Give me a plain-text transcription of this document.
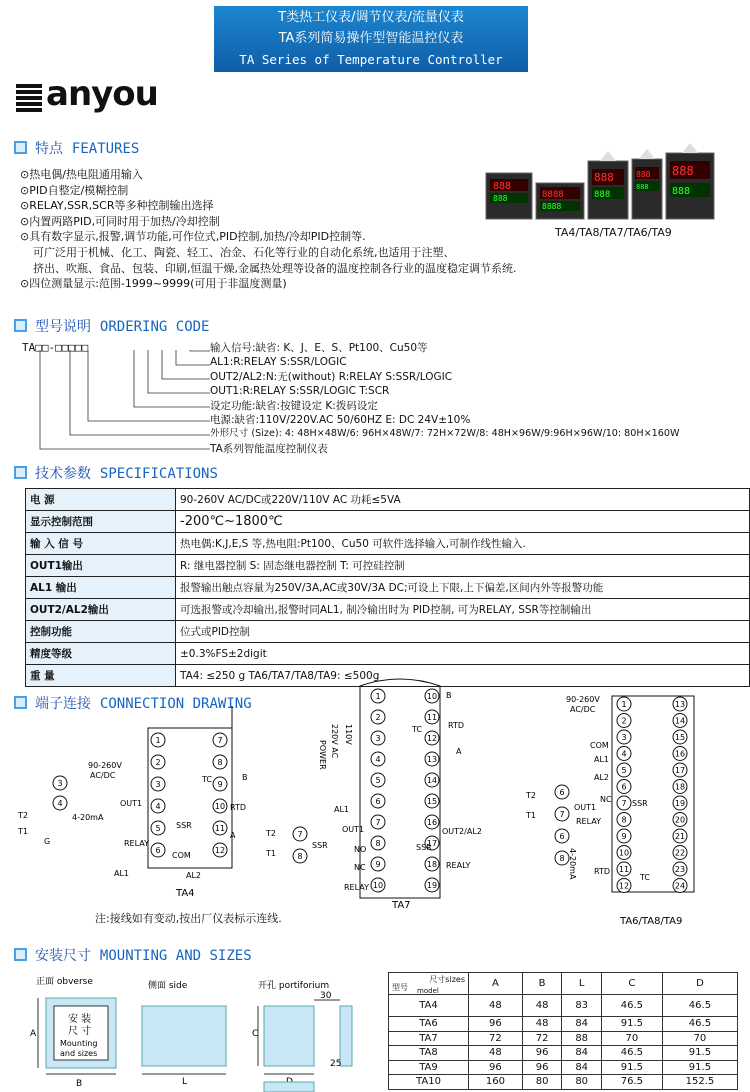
T类热工仪表/调节仪表/流量仪表
TA系列简易操作型智能温控仪表
TA Series of Temperature Controller
anyou
特点 FEATURES
⊙热电偶/热电阻通用输入
⊙PID自整定/模糊控制
⊙RELAY,SSR,SCR等多种控制输出选择
⊙内置两路PID,可同时用于加热/冷却控制
⊙具有数字显示,报警,调节功能,可作位式,PID控制,加热/冷却PID控制等.
可广泛用于机械、化工、陶瓷、轻工、冶金、石化等行业的自动化系统,也适用于注塑、
挤出、吹瓶、食品、包装、印刷,恒温干燥,金属热处理等设备的温度控制各行业的温度稳定调节系统.
⊙四位测量显示:范围-1999~9999(可用于非温度测量)
888
888	8888
8888
888
888
888
888
888
888
TA4/TA8/TA7/TA6/TA9
型号说明 ORDERING CODE
TA□□-□□□□□	输入信号:缺省: K、J、E、S、Pt100、Cu50等
AL1:R:RELAY S:SSR/LOGIC
OUT2/AL2:N:无(without) R:RELAY S:SSR/LOGIC
OUT1:R:RELAY S:SSR/LOGIC T:SCR
设定功能:缺省:按键设定 K:拨码设定
电源:缺省:110V/220V.AC 50/60HZ E: DC 24V±10%
外形尺寸 (Size): 4: 48H×48W/6: 96H×48W/7: 72H×72W/8: 48H×96W/9:96H×96W/10: 80H×160W
TA系列智能温度控制仪表
技术参数 SPECIFICATIONS
电 源	90-260V AC/DC或220V/110V AC 功耗≤5VA
显示控制范围	-200℃~1800℃
输 入 信 号	热电偶:K,J,E,S 等,热电阻:Pt100、Cu50 可软件选择输入,可制作线性输入.
OUT1输出	R: 继电器控制 S: 固态继电器控制 T: 可控硅控制
AL1 输出	报警输出触点容量为250V/3A,AC或30V/3A DC;可设上下限,上下偏差,区间内外等报警功能
OUT2/AL2输出	可选报警或冷却输出,报警时同AL1, 制冷输出时为 PID控制, 可为RELAY, SSR等控制输出
控制功能	位式或PID控制
精度等级	±0.3%FS±2digit
重 量	TA4: ≤250 g TA6/TA7/TA8/TA9: ≤500g
端子连接 CONNECTION DRAWING
1	7
2	8
3	9
4	10
5	11
6	12
3
4
90-260V
AC/DC
OUT1
4-20mA
SSR
RELAY
COM
AL1	AL2
TC
RTD
B
A
T2
T1
G
TA4
1	10
2	11
3	12
4	13
5	14
6	15
7	16
8	17
9	18
10	19
7
8
POWER 220V AC 110V	TC	RTD
B
A
AL1
T2
T1
OUT1
SSR	NO
NC
RELAY
OUT2/AL2
SSR
REALY
TA7
1	13
2	14
3	15
4	16
5	17
6	18
7	19
8	20
9	21
10	22
11	23
12	24
6
7
6
8
90-260V
AC/DC
COM
AL1
AL2
T2
T1
OUT1
NC	SSR
RELAY
4-20mA RTD
TC
TA6/TA8/TA9
注:接线如有变动,按出厂仪表标示连线.
安装尺寸 MOUNTING AND SIZES
正面 obverse	侧面 side	开孔 portiforium
安 装
尺 寸
Mounting
and sizes
A
B	L
30
C
25
尺寸sizes
型号 model	A	B	L	C	D
TA4	48	48	83	46.5	46.5
TA6	96	48	84	91.5	46.5
TA7	72	72	88	70	70
TA8	48	96	84	46.5	91.5
TA9	96	96	84	91.5	91.5
TA10	160	80	80	76.5	152.5
